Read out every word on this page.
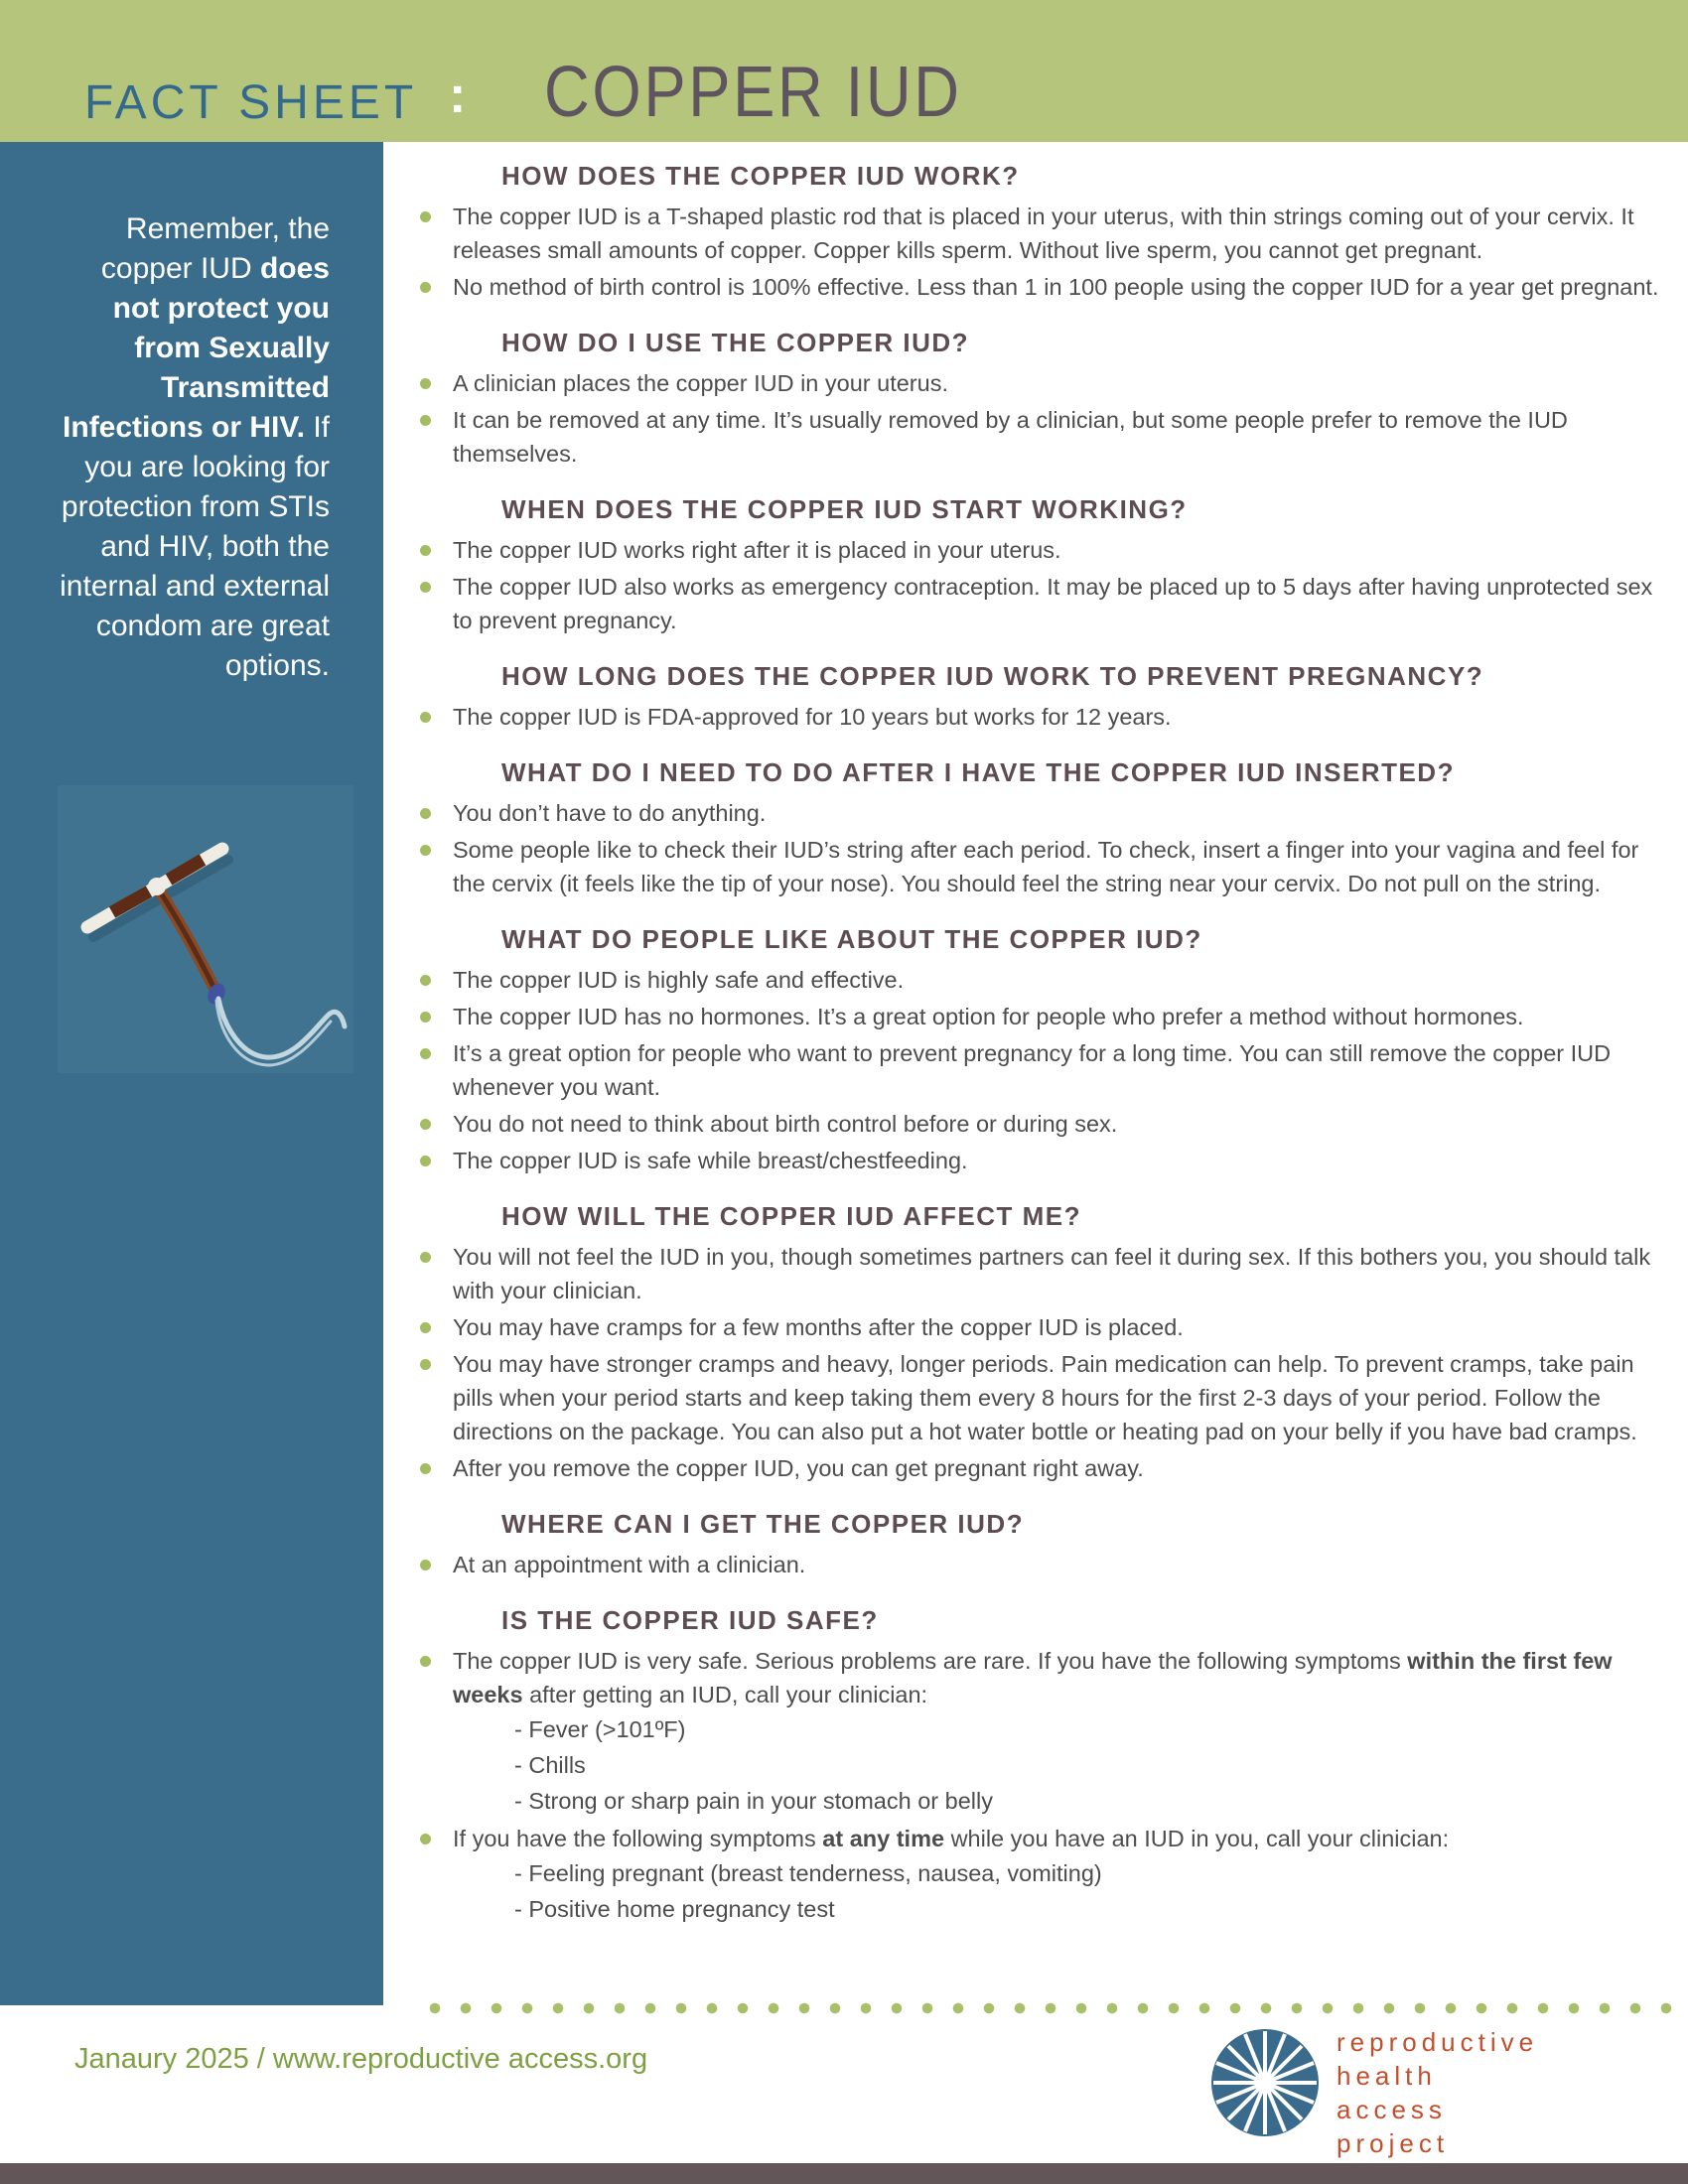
FACT SHEET : COPPER IUD
Remember, the copper IUD does not protect you from Sexually Transmitted Infections or HIV. If you are looking for protection from STIs and HIV, both the internal and external condom are great options.
HOW DOES THE COPPER IUD WORK?
The copper IUD is a T-shaped plastic rod that is placed in your uterus, with thin strings coming out of your cervix. It releases small amounts of copper. Copper kills sperm. Without live sperm, you cannot get pregnant.
No method of birth control is 100% effective. Less than 1 in 100 people using the copper IUD for a year get pregnant.
HOW DO I USE THE COPPER IUD?
A clinician places the copper IUD in your uterus.
It can be removed at any time. It’s usually removed by a clinician, but some people prefer to remove the IUD themselves.
WHEN DOES THE COPPER IUD START WORKING?
The copper IUD works right after it is placed in your uterus.
The copper IUD also works as emergency contraception. It may be placed up to 5 days after having unprotected sex to prevent pregnancy.
HOW LONG DOES THE COPPER IUD WORK TO PREVENT PREGNANCY?
The copper IUD is FDA-approved for 10 years but works for 12 years.
WHAT DO I NEED TO DO AFTER I HAVE THE COPPER IUD INSERTED?
You don’t have to do anything.
Some people like to check their IUD’s string after each period. To check, insert a finger into your vagina and feel for the cervix (it feels like the tip of your nose). You should feel the string near your cervix. Do not pull on the string.
WHAT DO PEOPLE LIKE ABOUT THE COPPER IUD?
The copper IUD is highly safe and effective.
The copper IUD has no hormones. It’s a great option for people who prefer a method without hormones.
It’s a great option for people who want to prevent pregnancy for a long time. You can still remove the copper IUD whenever you want.
You do not need to think about birth control before or during sex.
The copper IUD is safe while breast/chestfeeding.
HOW WILL THE COPPER IUD AFFECT ME?
You will not feel the IUD in you, though sometimes partners can feel it during sex. If this bothers you, you should talk with your clinician.
You may have cramps for a few months after the copper IUD is placed.
You may have stronger cramps and heavy, longer periods. Pain medication can help. To prevent cramps, take pain pills when your period starts and keep taking them every 8 hours for the first 2-3 days of your period. Follow the directions on the package. You can also put a hot water bottle or heating pad on your belly if you have bad cramps.
After you remove the copper IUD, you can get pregnant right away.
WHERE CAN I GET THE COPPER IUD?
At an appointment with a clinician.
IS THE COPPER IUD SAFE?
The copper IUD is very safe. Serious problems are rare. If you have the following symptoms within the first few weeks after getting an IUD, call your clinician:
- Fever (>101ºF)
- Chills
- Strong or sharp pain in your stomach or belly
If you have the following symptoms at any time while you have an IUD in you, call your clinician:
- Feeling pregnant (breast tenderness, nausea, vomiting)
- Positive home pregnancy test
Janaury 2025 / www.reproductive access.org
reproductive
health
access
project
